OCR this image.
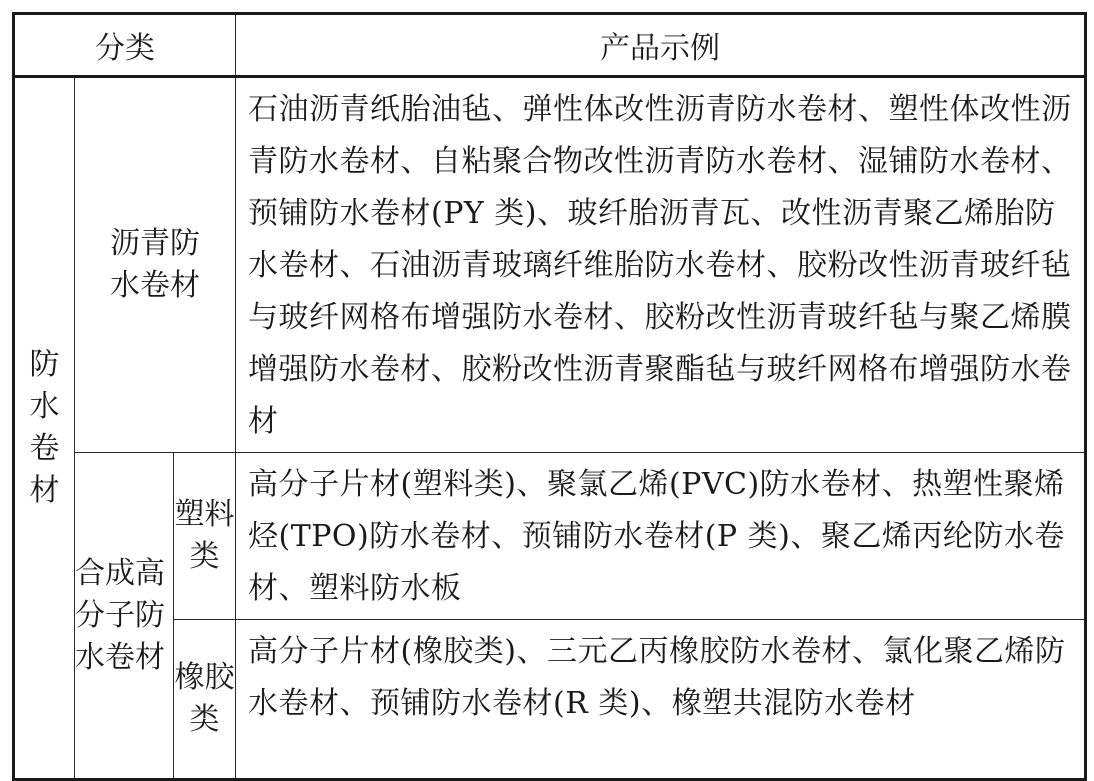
分类			产品示例
防水卷材	沥青防水卷材		石油沥青纸胎油毡、弹性体改性沥青防水卷材、塑性体改性沥青防水卷材、自粘聚合物改性沥青防水卷材、湿铺防水卷材、预铺防水卷材(PY 类)、玻纤胎沥青瓦、改性沥青聚乙烯胎防水卷材、石油沥青玻璃纤维胎防水卷材、胶粉改性沥青玻纤毡与玻纤网格布增强防水卷材、胶粉改性沥青玻纤毡与聚乙烯膜增强防水卷材、胶粉改性沥青聚酯毡与玻纤网格布增强防水卷材
	合成高分子防水卷材	塑料类	高分子片材(塑料类)、聚氯乙烯(PVC)防水卷材、热塑性聚烯烃(TPO)防水卷材、预铺防水卷材(P 类)、聚乙烯丙纶防水卷材、塑料防水板
		橡胶类	高分子片材(橡胶类)、三元乙丙橡胶防水卷材、氯化聚乙烯防水卷材、预铺防水卷材(R 类)、橡塑共混防水卷材
